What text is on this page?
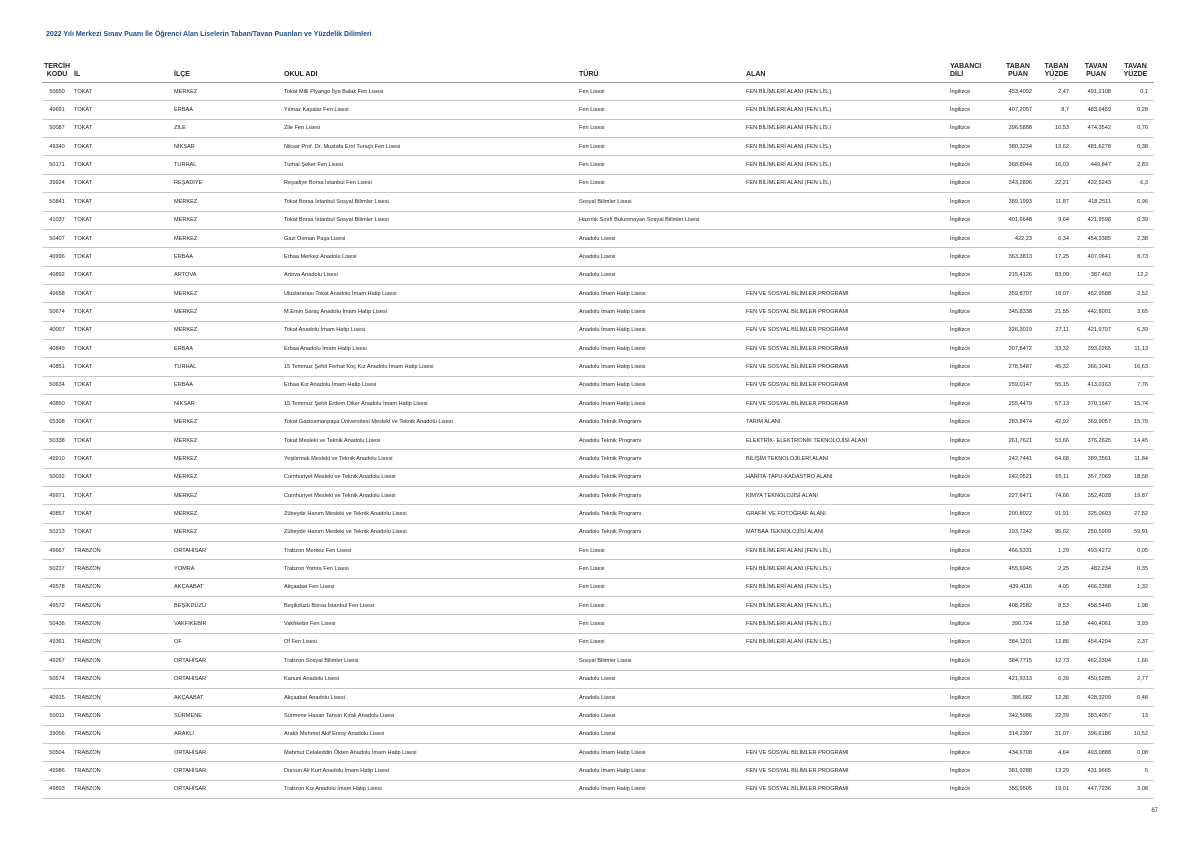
2022 Yılı Merkezi Sınav Puanı İle Öğrenci Alan Liselerin Taban/Tavan Puanları ve Yüzdelik Dilimleri
TERCİH KODU	İL	İLÇE	OKUL ADI	TÜRÜ	ALAN	YABANCI DİLİ	TABAN PUAN	TABAN YÜZDE	TAVAN PUAN	TAVAN YÜZDE
50650	TOKAT	MERKEZ	Tokat Milli Piyango İlya Balak Fen Lisesi	Fen Lisesi	FEN BİLİMLERİ ALANI (FEN LİS.)	İngilizce	453,4092	2,47	491,2108	0,1
49691	TOKAT	ERBAA	Yılmaz Kayalar Fen Lisesi	Fen Lisesi	FEN BİLİMLERİ ALANI (FEN LİS.)	İngilizce	407,2057	8,7	483,9459	0,28
50087	TOKAT	ZİLE	Zile Fen Lisesi	Fen Lisesi	FEN BİLİMLERİ ALANI (FEN LİS.)	İngilizce	396,5888	10,53	474,3542	0,76
49340	TOKAT	NİKSAR	Niksar Prof. Dr. Mustafa Erol Turaçlı Fen Lisesi	Fen Lisesi	FEN BİLİMLERİ ALANI (FEN LİS.)	İngilizce	380,3234	13,62	481,6278	0,38
50171	TOKAT	TURHAL	Turhal Şeker Fen Lisesi	Fen Lisesi	FEN BİLİMLERİ ALANI (FEN LİS.)	İngilizce	368,8044	16,03	449,847	2,83
39924	TOKAT	REŞADİYE	Reşadiye Borsa İstanbul Fen Lisesi	Fen Lisesi	FEN BİLİMLERİ ALANI (FEN LİS.)	İngilizce	343,2896	22,21	422,5243	6,3
50841	TOKAT	MERKEZ	Tokat Borsa İstanbul Sosyal Bilimler Lisesi	Sosyal Bilimler Lisesi		İngilizce	389,1993	11,87	418,2511	6,96
41037	TOKAT	MERKEZ	Tokat Borsa İstanbul Sosyal Bilimler Lisesi	Hazırlık Sınıfı Bulunmayan Sosyal Bilimler Lisesi		İngilizce	401,6648	9,64	421,9598	6,39
50407	TOKAT	MERKEZ	Gazi Osman Paşa Lisesi	Anadolu Lisesi		İngilizce	422,23	6,34	454,3385	2,38
40996	TOKAT	ERBAA	Erbaa Merkez Anadolu Lisesi	Anadolu Lisesi		İngilizce	363,3813	17,25	407,0641	8,73
40892	TOKAT	ARTOVA	Artova Anadolu Lisesi	Anadolu Lisesi		İngilizce	215,4126	83,09	387,463	12,2
49658	TOKAT	MERKEZ	Uluslararası Tokat Anadolu İmam Hatip Lisesi	Anadolu İmam Hatip Lisesi	FEN VE SOSYAL BİLİMLER PROGRAMI	İngilizce	359,8707	18,07	452,9588	2,52
50674	TOKAT	MERKEZ	M.Emin Saraç Anadolu İmam Hatip Lisesi	Anadolu İmam Hatip Lisesi	FEN VE SOSYAL BİLİMLER PROGRAMI	İngilizce	345,8338	21,55	442,8001	3,65
40007	TOKAT	MERKEZ	Tokat Anadolu İmam Hatip Lisesi	Anadolu İmam Hatip Lisesi	FEN VE SOSYAL BİLİMLER PROGRAMI	İngilizce	326,3019	27,11	421,9707	6,39
40849	TOKAT	ERBAA	Erbaa Anadolu İmam Hatip Lisesi	Anadolu İmam Hatip Lisesi	FEN VE SOSYAL BİLİMLER PROGRAMI	İngilizce	307,8472	33,32	393,2265	11,13
40851	TOKAT	TURHAL	15 Temmuz Şehit Ferhat Koç Kız Anadolu İmam Hatip Lisesi	Anadolu İmam Hatip Lisesi	FEN VE SOSYAL BİLİMLER PROGRAMI	İngilizce	278,5487	45,32	366,1041	16,63
50634	TOKAT	ERBAA	Erbaa Kız Anadolu İmam Hatip Lisesi	Anadolu İmam Hatip Lisesi	FEN VE SOSYAL BİLİMLER PROGRAMI	İngilizce	259,0147	55,15	413,0163	7,76
40850	TOKAT	NİKSAR	15 Temmuz Şehit Erdem Diker Anadolu İmam Hatip Lisesi	Anadolu İmam Hatip Lisesi	FEN VE SOSYAL BİLİMLER PROGRAMI	İngilizce	255,4479	57,13	370,1647	15,74
65308	TOKAT	MERKEZ	Tokat Gaziosmanpaşa Üniversitesi Mesleki ve Teknik Anadolu Lisesi	Anadolu Teknik Programı	TARIM ALANI	İngilizce	283,8474	42,92	369,9057	15,79
50338	TOKAT	MERKEZ	Tokat Mesleki ve Teknik Anadolu Lisesi	Anadolu Teknik Programı	ELEKTRİK- ELEKTRONİK TEKNOLOJİSİ ALANI	İngilizce	261,7621	53,66	376,2625	14,45
49910	TOKAT	MERKEZ	Yeşilırmak Mesleki ve Teknik Anadolu Lisesi	Anadolu Teknik Programı	BİLİŞİM TEKNOLOJİLERİ ALANI	İngilizce	242,7441	64,68	389,3561	11,84
50032	TOKAT	MERKEZ	Cumhuriyet Mesleki ve Teknik Anadolu Lisesi	Anadolu Teknik Programı	HARİTA-TAPU-KADASTRO ALANI	İngilizce	242,0521	65,11	357,7069	18,58
49971	TOKAT	MERKEZ	Cumhuriyet Mesleki ve Teknik Anadolu Lisesi	Anadolu Teknik Programı	KİMYA TEKNOLOJİSİ ALANI	İngilizce	227,6471	74,66	352,4028	19,87
40857	TOKAT	MERKEZ	Zübeyde Hanım Mesleki ve Teknik Anadolu Lisesi	Anadolu Teknik Programı	GRAFİK VE FOTOĞRAF ALANI	İngilizce	200,8022	91,91	325,0603	27,52
50213	TOKAT	MERKEZ	Zübeyde Hanım Mesleki ve Teknik Anadolu Lisesi	Anadolu Teknik Programı	MATBAA TEKNOLOJİSİ ALANI	İngilizce	193,7242	95,02	250,5909	59,91
49667	TRABZON	ORTAHİSAR	Trabzon Merkez Fen Lisesi	Fen Lisesi	FEN BİLİMLERİ ALANI (FEN LİS.)	İngilizce	466,5331	1,29	493,4272	0,05
50217	TRABZON	YOMRA	Trabzon Yomra Fen Lisesi	Fen Lisesi	FEN BİLİMLERİ ALANI (FEN LİS.)	İngilizce	455,6945	2,25	482,234	0,35
49578	TRABZON	AKÇAABAT	Akçaabat Fen Lisesi	Fen Lisesi	FEN BİLİMLERİ ALANI (FEN LİS.)	İngilizce	439,4116	4,05	466,2368	1,32
49572	TRABZON	BEŞİKDÜZÜ	Beşikdüzü Borsa İstanbul Fen Lisesi	Fen Lisesi	FEN BİLİMLERİ ALANI (FEN LİS.)	İngilizce	408,2582	8,53	458,5446	1,98
50436	TRABZON	VAKFIKEBİR	Vakfıkebir Fen Lisesi	Fen Lisesi	FEN BİLİMLERİ ALANI (FEN LİS.)	İngilizce	390,724	11,58	440,4061	3,93
49361	TRABZON	OF	Of Fen Lisesi	Fen Lisesi	FEN BİLİMLERİ ALANI (FEN LİS.)	İngilizce	384,1201	12,86	454,4204	2,37
49267	TRABZON	ORTAHİSAR	Trabzon Sosyal Bilimler Lisesi	Sosyal Bilimler Lisesi		İngilizce	384,7715	12,73	462,2394	1,66
50574	TRABZON	ORTAHİSAR	Kanuni Anadolu Lisesi	Anadolu Lisesi		İngilizce	421,9313	6,39	450,5285	2,77
40915	TRABZON	AKÇAABAT	Akçaabat Anadolu Lisesi	Anadolu Lisesi		İngilizce	386,662	12,36	428,3209	5,48
50011	TRABZON	SÜRMENE	Sürmene Hasan Tahsin Kıralı Anadolu Lisesi	Anadolu Lisesi		İngilizce	342,5986	22,39	383,4057	13
39056	TRABZON	ARAKLI	Araklı Mehmet Akif Ersoy Anadolu Lisesi	Anadolu Lisesi		İngilizce	314,2397	31,07	396,6186	10,52
50504	TRABZON	ORTAHİSAR	Mahmut Celaleddin Ökten Anadolu İmam Hatip Lisesi	Anadolu İmam Hatip Lisesi	FEN VE SOSYAL BİLİMLER PROGRAMI	İngilizce	434,6708	4,64	493,0888	0,08
49986	TRABZON	ORTAHİSAR	Dursun Ali Kurt Anadolu İmam Hatip Lisesi	Anadolu İmam Hatip Lisesi	FEN VE SOSYAL BİLİMLER PROGRAMI	İngilizce	381,9288	13,29	431,9665	5
49893	TRABZON	ORTAHİSAR	Trabzon Kız Anadolu İmam Hatip Lisesi	Anadolu İmam Hatip Lisesi	FEN VE SOSYAL BİLİMLER PROGRAMI	İngilizce	355,9505	19,01	447,7236	3,08
67
